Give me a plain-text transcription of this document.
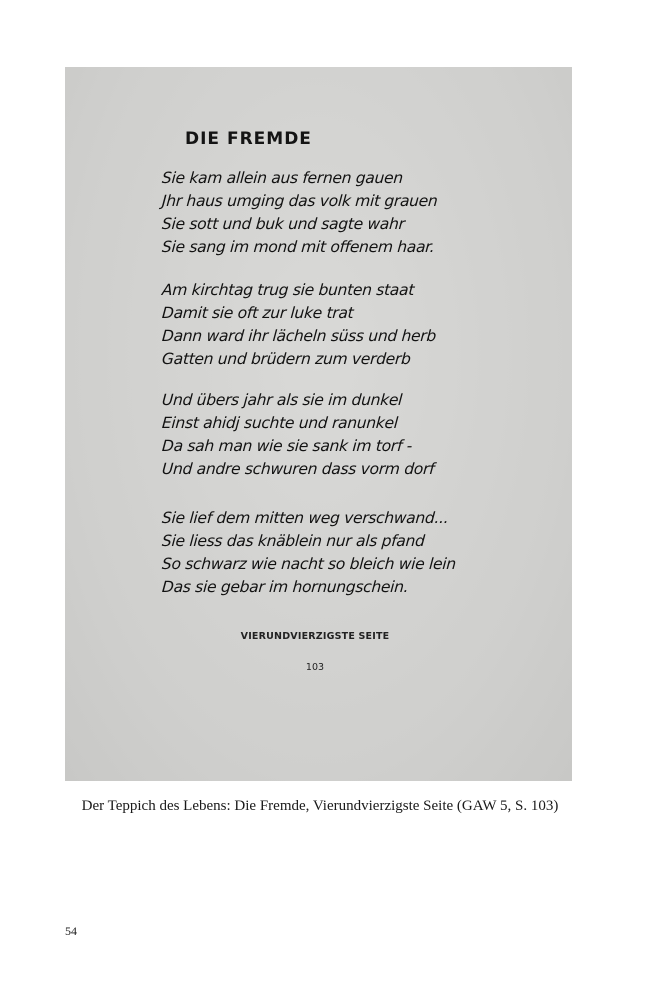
DIE FREMDE
Sie kam allein aus fernen gauen
Jhr haus umging das volk mit grauen
Sie sott und buk und sagte wahr
Sie sang im mond mit offenem haar.
Am kirchtag trug sie bunten staat
Damit sie oft zur luke trat
Dann ward ihr lächeln süss und herb
Gatten und brüdern zum verderb
Und übers jahr als sie im dunkel
Einst ahidj suchte und ranunkel
Da sah man wie sie sank im torf -
Und andre schwuren dass vorm dorf
Sie lief dem mitten weg verschwand...
Sie liess das knäblein nur als pfand
So schwarz wie nacht so bleich wie lein
Das sie gebar im hornungschein.
VIERUNDVIERZIGSTE SEITE
103

Der Teppich des Lebens: Die Fremde, Vierundvierzigste Seite (GAW 5, S. 103)

54
